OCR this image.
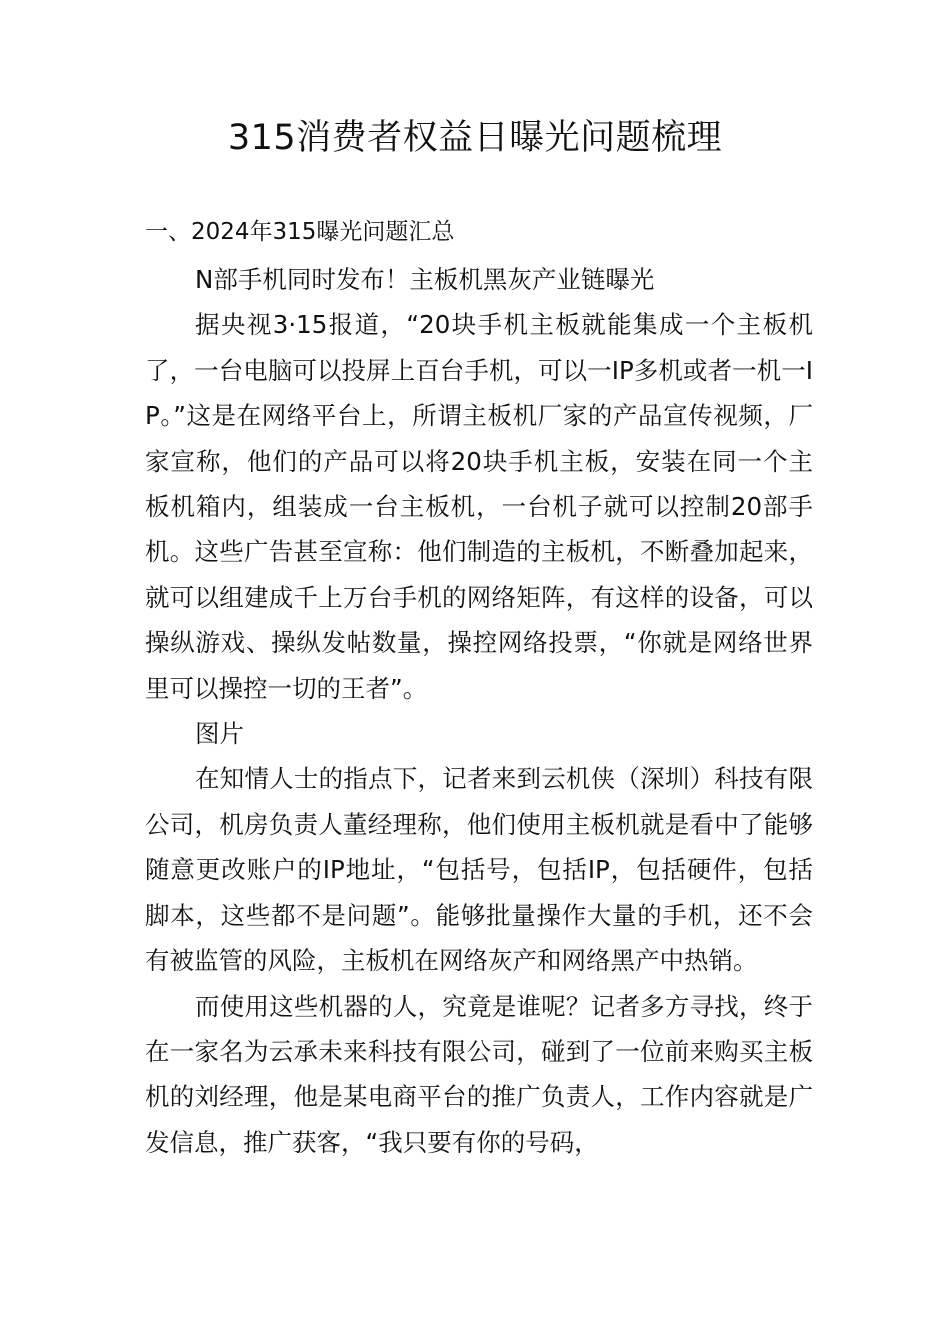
315消费者权益日曝光问题梳理
一、2024年315曝光问题汇总

N部手机同时发布！主板机黑灰产业链曝光

据央视3·15报道，“20块手机主板就能集成一个主板机了，一台电脑可以投屏上百台手机，可以一IP多机或者一机一IP。”这是在网络平台上，所谓主板机厂家的产品宣传视频，厂家宣称，他们的产品可以将20块手机主板，安装在同一个主板机箱内，组装成一台主板机，一台机子就可以控制20部手机。这些广告甚至宣称：他们制造的主板机，不断叠加起来，就可以组建成千上万台手机的网络矩阵，有这样的设备，可以操纵游戏、操纵发帖数量，操控网络投票，“你就是网络世界里可以操控一切的王者”。

图片

在知情人士的指点下，记者来到云机侠（深圳）科技有限公司，机房负责人董经理称，他们使用主板机就是看中了能够随意更改账户的IP地址，“包括号，包括IP，包括硬件，包括脚本，这些都不是问题”。能够批量操作大量的手机，还不会有被监管的风险，主板机在网络灰产和网络黑产中热销。

而使用这些机器的人，究竟是谁呢？记者多方寻找，终于在一家名为云承未来科技有限公司，碰到了一位前来购买主板机的刘经理，他是某电商平台的推广负责人，工作内容就是广发信息，推广获客，“我只要有你的号码，
